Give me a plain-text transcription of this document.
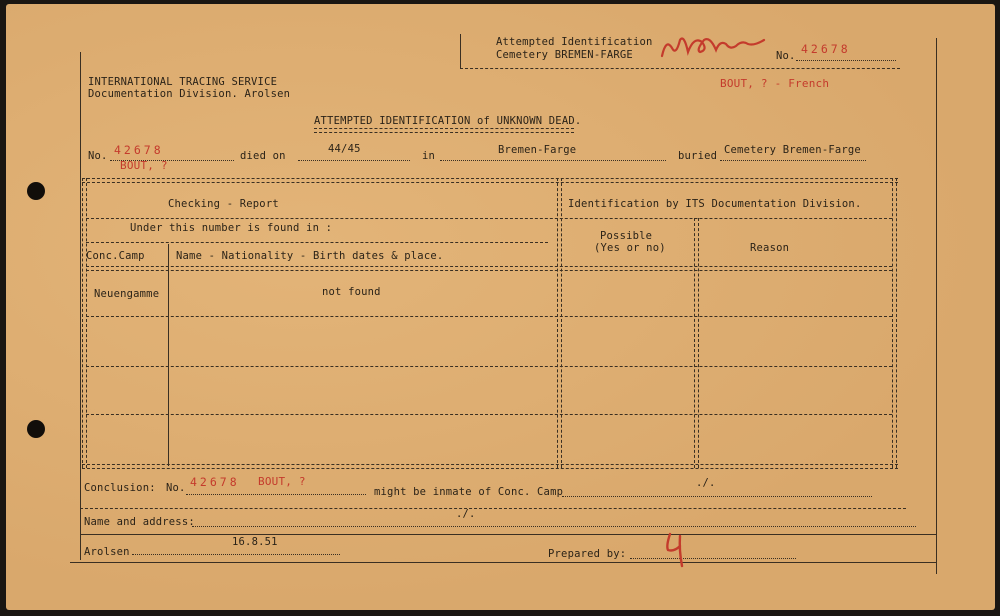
Attempted Identification
Cemetery BREMEN-FARGE	No. 42678
BOUT, ? - French
INTERNATIONAL TRACING SERVICE
Documentation Division. Arolsen
ATTEMPTED IDENTIFICATION of UNKNOWN DEAD.
No. 42678
BOUT, ?
died on
44/45
in	Bremen-Farge	buried Cemetery Bremen-Farge
Checking - Report	Identification by ITS Documentation Division.
Under this number is found in :
Possible
(Yes or no)	Reason
Conc.Camp	Name - Nationality - Birth dates & place.
Neuengamme	not found
Conclusion: No. 42678 BOUT, ?
might be inmate of Conc. Camp
./.
Name and address:
./.
Arolsen
16.8.51
Prepared by:
